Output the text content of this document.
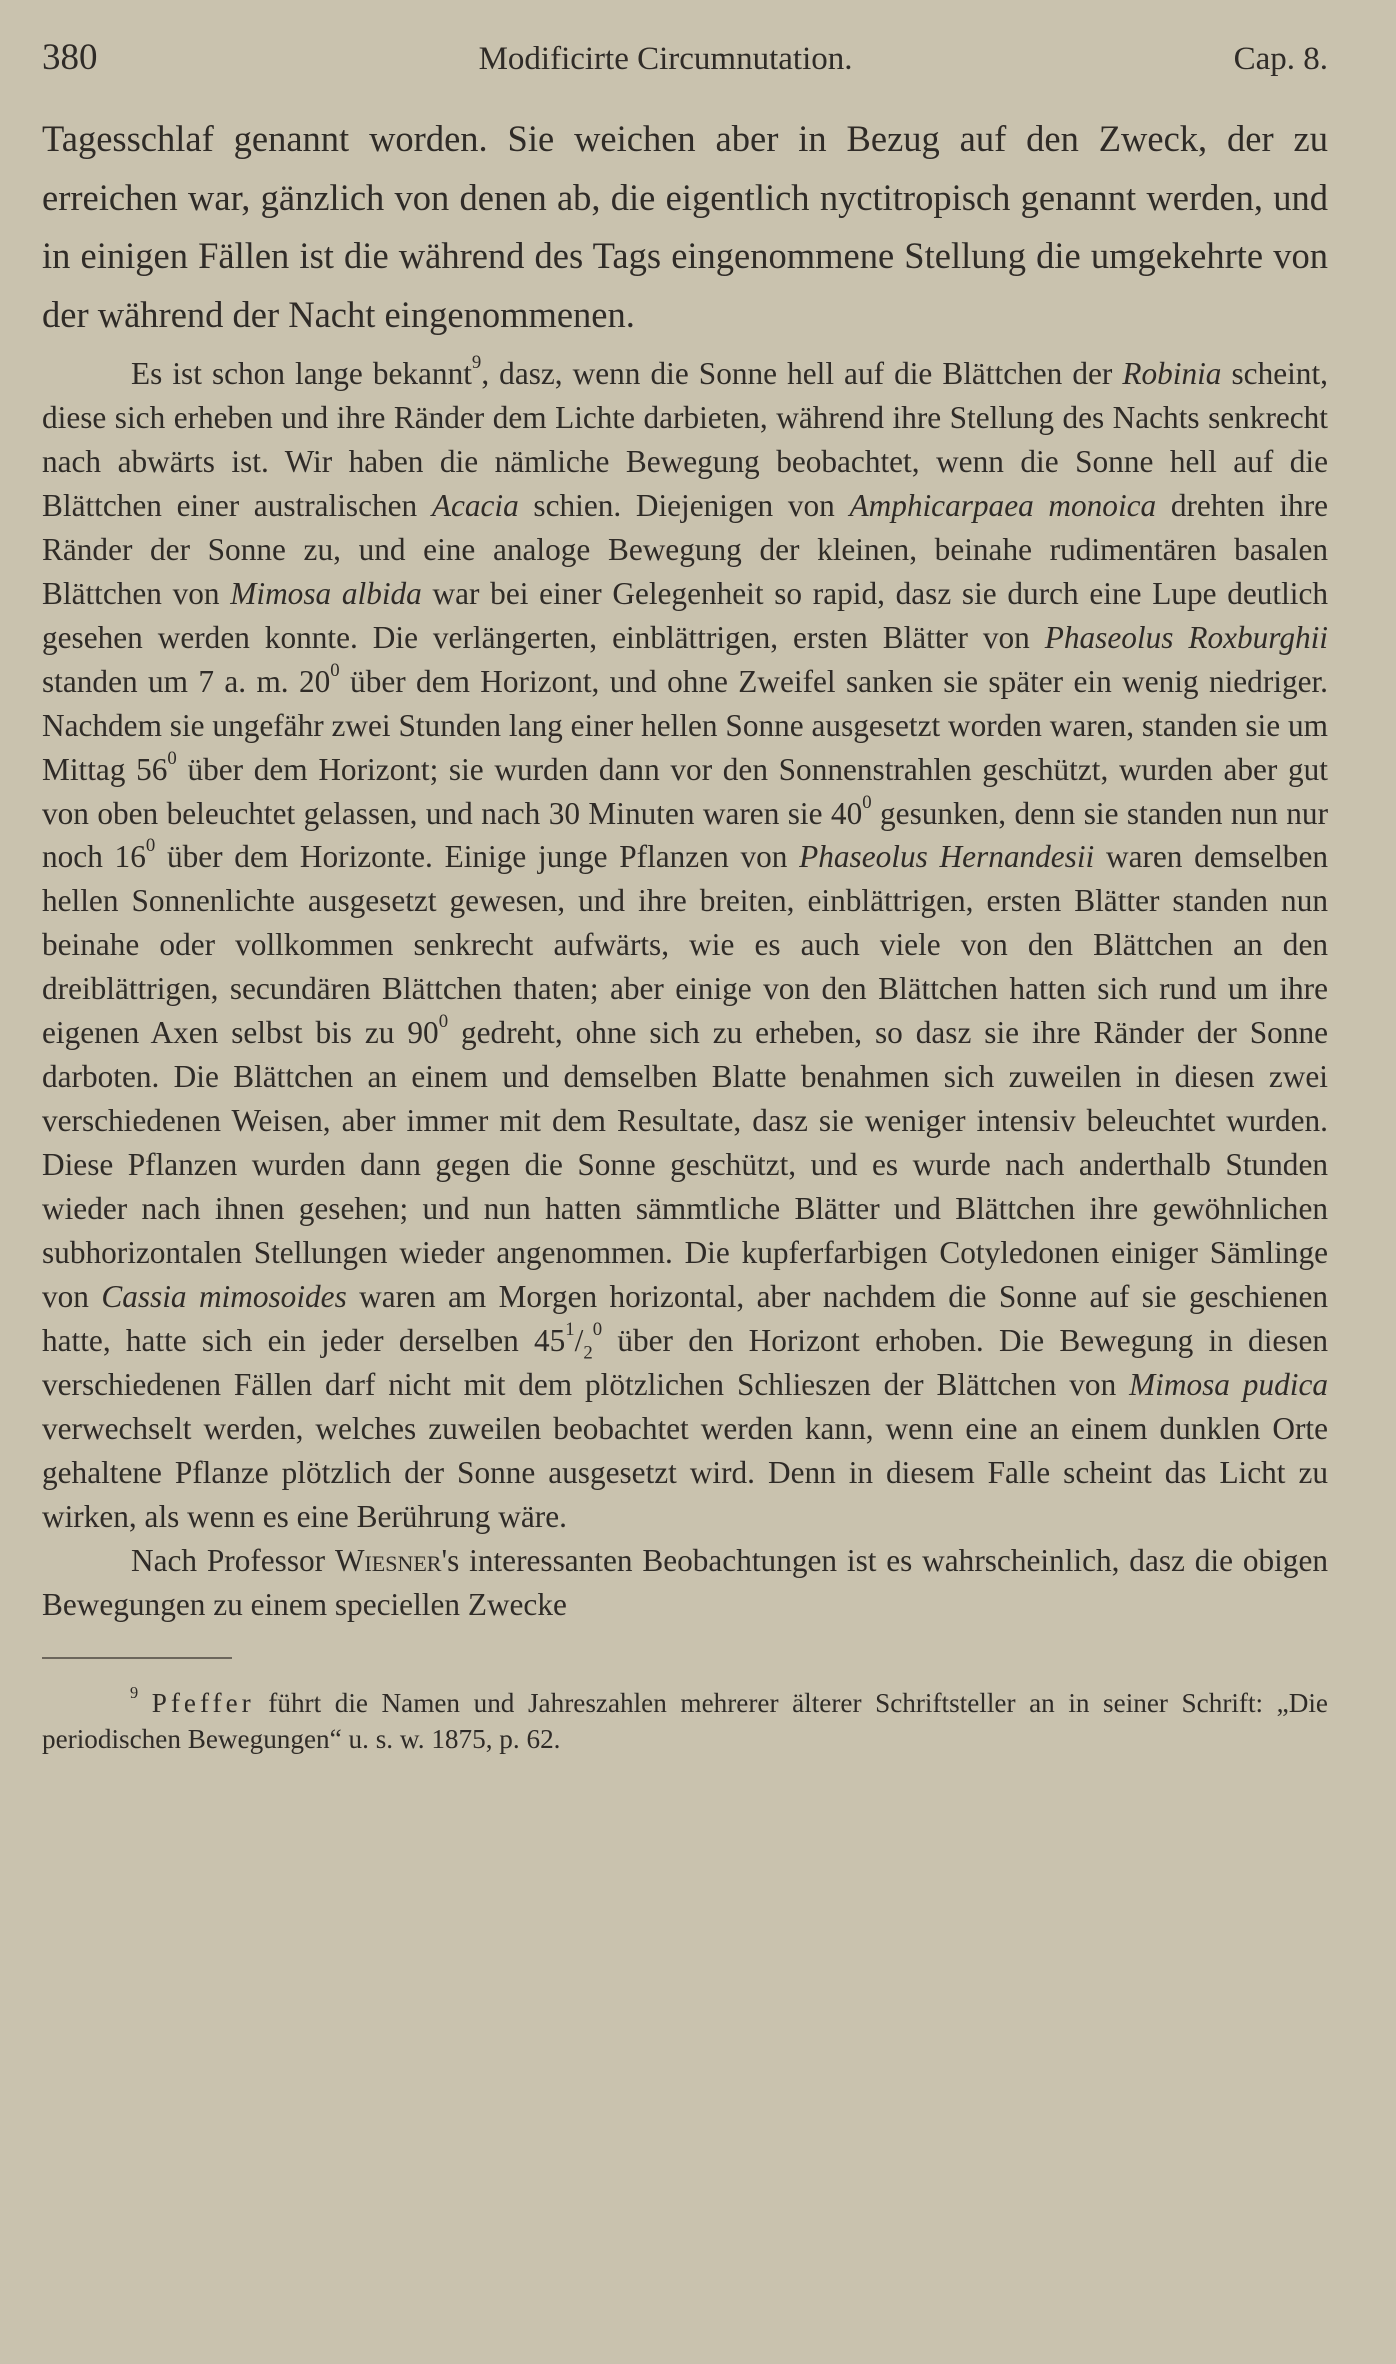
380	Modificirte Circumnutation.	Cap. 8.

Tagesschlaf genannt worden. Sie weichen aber in Bezug auf den Zweck, der zu erreichen war, gänzlich von denen ab, die eigentlich nyctitropisch genannt werden, und in einigen Fällen ist die während des Tags eingenommene Stellung die umgekehrte von der während der Nacht eingenommenen.

Es ist schon lange bekannt$^9$, dasz, wenn die Sonne hell auf die Blättchen der Robinia scheint, diese sich erheben und ihre Ränder dem Lichte darbieten, während ihre Stellung des Nachts senkrecht nach abwärts ist. Wir haben die nämliche Bewegung beobachtet, wenn die Sonne hell auf die Blättchen einer australischen Acacia schien. Diejenigen von Amphicarpaea monoica drehten ihre Ränder der Sonne zu, und eine analoge Bewegung der kleinen, beinahe rudimentären basalen Blättchen von Mimosa albida war bei einer Gelegenheit so rapid, dasz sie durch eine Lupe deutlich gesehen werden konnte. Die verlängerten, einblättrigen, ersten Blätter von Phaseolus Roxburghii standen um 7 a. m. $20^0$ über dem Horizont, und ohne Zweifel sanken sie später ein wenig niedriger. Nachdem sie ungefähr zwei Stunden lang einer hellen Sonne ausgesetzt worden waren, standen sie um Mittag $56^0$ über dem Horizont; sie wurden dann vor den Sonnenstrahlen geschützt, wurden aber gut von oben beleuchtet gelassen, und nach 30 Minuten waren sie $40^0$ gesunken, denn sie standen nun nur noch $16^0$ über dem Horizonte. Einige junge Pflanzen von Phaseolus Hernandesii waren demselben hellen Sonnenlichte ausgesetzt gewesen, und ihre breiten, einblättrigen, ersten Blätter standen nun beinahe oder vollkommen senkrecht aufwärts, wie es auch viele von den Blättchen an den dreiblättrigen, secundären Blättchen thaten; aber einige von den Blättchen hatten sich rund um ihre eigenen Axen selbst bis zu $90^0$ gedreht, ohne sich zu erheben, so dasz sie ihre Ränder der Sonne darboten. Die Blättchen an einem und demselben Blatte benahmen sich zuweilen in diesen zwei verschiedenen Weisen, aber immer mit dem Resultate, dasz sie weniger intensiv beleuchtet wurden. Diese Pflanzen wurden dann gegen die Sonne geschützt, und es wurde nach anderthalb Stunden wieder nach ihnen gesehen; und nun hatten sämmtliche Blätter und Blättchen ihre gewöhnlichen subhorizontalen Stellungen wieder angenommen. Die kupferfarbigen Cotyledonen einiger Sämlinge von Cassia mimosoides waren am Morgen horizontal, aber nachdem die Sonne auf sie geschienen hatte, hatte sich ein jeder derselben $45^1/_2^0$ über den Horizont erhoben. Die Bewegung in diesen verschiedenen Fällen darf nicht mit dem plötzlichen Schlieszen der Blättchen von Mimosa pudica verwechselt werden, welches zuweilen beobachtet werden kann, wenn eine an einem dunklen Orte gehaltene Pflanze plötzlich der Sonne ausgesetzt wird. Denn in diesem Falle scheint das Licht zu wirken, als wenn es eine Berührung wäre.

Nach Professor Wiesner's interessanten Beobachtungen ist es wahrscheinlich, dasz die obigen Bewegungen zu einem speciellen Zwecke

$^9$ Pfeffer führt die Namen und Jahreszahlen mehrerer älterer Schriftsteller an in seiner Schrift: „Die periodischen Bewegungen“ u. s. w. 1875, p. 62.
